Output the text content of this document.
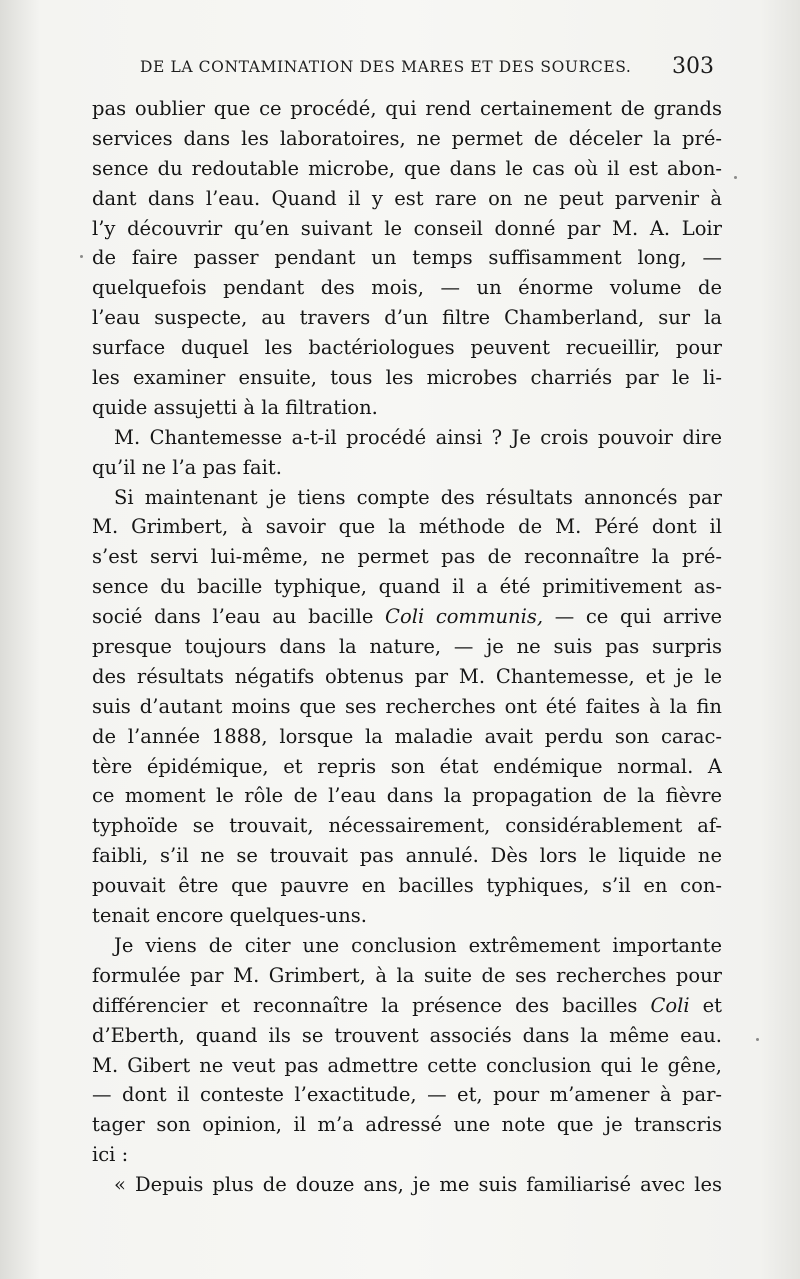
DE LA CONTAMINATION DES MARES ET DES SOURCES.	303
pas oublier que ce procédé, qui rend certainement de grands
services dans les laboratoires, ne permet de déceler la pré-
sence du redoutable microbe, que dans le cas où il est abon-
dant dans l’eau. Quand il y est rare on ne peut parvenir à
l’y découvrir qu’en suivant le conseil donné par M. A. Loir
de faire passer pendant un temps suffisamment long, —
quelquefois pendant des mois, — un énorme volume de
l’eau suspecte, au travers d’un filtre Chamberland, sur la
surface duquel les bactériologues peuvent recueillir, pour
les examiner ensuite, tous les microbes charriés par le li-
quide assujetti à la filtration.
M. Chantemesse a-t-il procédé ainsi ? Je crois pouvoir dire
qu’il ne l’a pas fait.
Si maintenant je tiens compte des résultats annoncés par
M. Grimbert, à savoir que la méthode de M. Péré dont il
s’est servi lui-même, ne permet pas de reconnaître la pré-
sence du bacille typhique, quand il a été primitivement as-
socié dans l’eau au bacille Coli communis, — ce qui arrive
presque toujours dans la nature, — je ne suis pas surpris
des résultats négatifs obtenus par M. Chantemesse, et je le
suis d’autant moins que ses recherches ont été faites à la fin
de l’année 1888, lorsque la maladie avait perdu son carac-
tère épidémique, et repris son état endémique normal. A
ce moment le rôle de l’eau dans la propagation de la fièvre
typhoïde se trouvait, nécessairement, considérablement af-
faibli, s’il ne se trouvait pas annulé. Dès lors le liquide ne
pouvait être que pauvre en bacilles typhiques, s’il en con-
tenait encore quelques-uns.
Je viens de citer une conclusion extrêmement importante
formulée par M. Grimbert, à la suite de ses recherches pour
différencier et reconnaître la présence des bacilles Coli et
d’Eberth, quand ils se trouvent associés dans la même eau.
M. Gibert ne veut pas admettre cette conclusion qui le gêne,
— dont il conteste l’exactitude, — et, pour m’amener à par-
tager son opinion, il m’a adressé une note que je transcris
ici :
« Depuis plus de douze ans, je me suis familiarisé avec les
